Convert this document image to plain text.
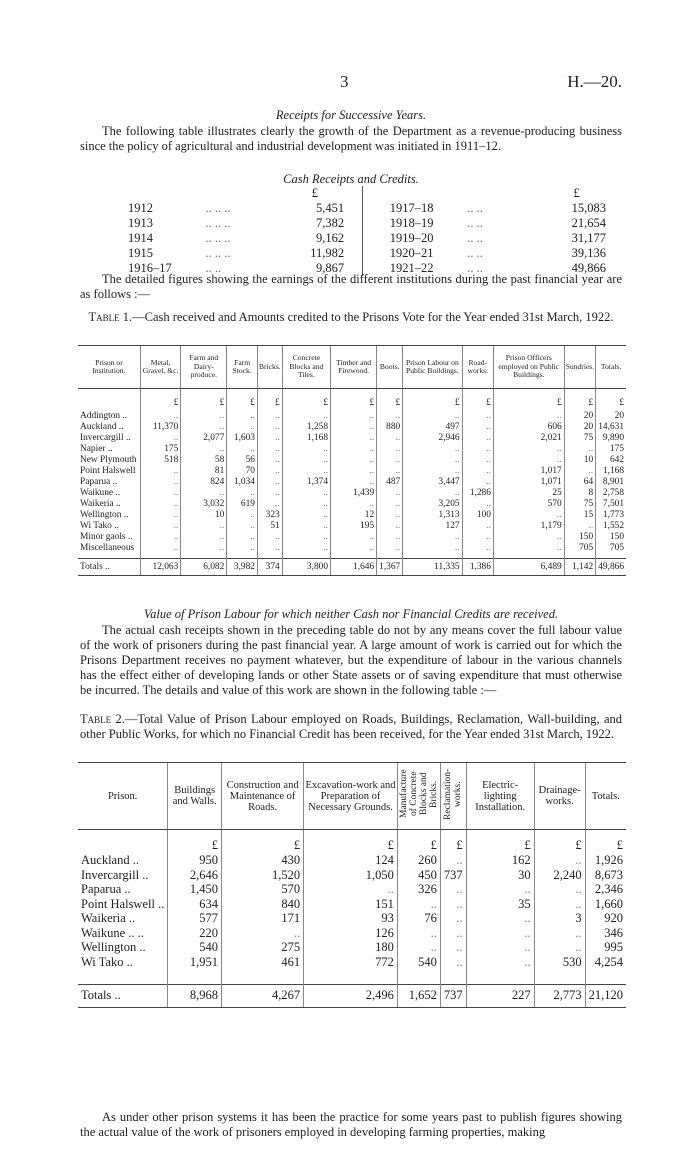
3	H.—20.
Receipts for Successive Years.
The following table illustrates clearly the growth of the Department as a revenue-producing business since the policy of agricultural and industrial development was initiated in 1911–12.
Cash Receipts and Credits.
		£				£
1912	.. .. ..	5,451		1917–18	.. ..	15,083
1913	.. .. ..	7,382		1918–19	.. ..	21,654
1914	.. .. ..	9,162		1919–20	.. ..	31,177
1915	.. .. ..	11,982		1920–21	.. ..	39,136
1916–17	.. ..	9,867		1921–22	.. ..	49,866
The detailed figures showing the earnings of the different institutions during the past financial year are as follows :—
Table 1.—Cash received and Amounts credited to the Prisons Vote for the Year ended 31st March, 1922.
Prison or Institution.	Metal, Gravel, &c.	Farm and Dairy-produce.	Farm Stock.	Bricks.	Concrete Blocks and Tiles.	Timber and Firewood.	Boots.	Prison Labour on Public Buildings.	Road-works.	Prison Officers employed on Public Buildings.	Sundries.	Totals.
	£	£	£	£	£	£	£	£	£	£	£	£
Addington ..	..	..	..	..	..	..	..	..	..	..	20	20
Auckland ..	11,370	..	..	..	1,258	..	880	497	..	606	20	14,631
Invercargill ..	..	2,077	1,603	..	1,168	..	..	2,946	..	2,021	75	9,890
Napier ..	175	..	..	..	..	..	..	..	..	..	..	175
New Plymouth	518	58	56	..	..	..	..	..	..	..	10	642
Point Halswell	..	81	70	..	..	..	..	..	..	1,017	..	1,168
Paparua ..	..	824	1,034	..	1,374	..	487	3,447	..	1,071	64	8,901
Waikune ..	..	..	..	..	..	1,439	..	..	1,286	25	8	2,758
Waikeria ..	..	3,032	619	..	..	..	..	3,205	..	570	75	7,501
Wellington ..	..	10	..	323	..	12	..	1,313	100	..	15	1,773
Wi Tako ..	..	..	..	51	..	195	..	127	..	1,179	..	1,552
Minor gaols ..	..	..	..	..	..	..	..	..	..	..	150	150
Miscellaneous	..	..	..	..	..	..	..	..	..	..	705	705

Totals ..	12,063	6,082	3,982	374	3,800	1,646	1,367	11,335	1,386	6,489	1,142	49,866
Value of Prison Labour for which neither Cash nor Financial Credits are received.
The actual cash receipts shown in the preceding table do not by any means cover the full labour value of the work of prisoners during the past financial year. A large amount of work is carried out for which the Prisons Department receives no payment whatever, but the expenditure of labour in the various channels has the effect either of developing lands or other State assets or of saving expenditure that must otherwise be incurred. The details and value of this work are shown in the following table :—
Table 2.—Total Value of Prison Labour employed on Roads, Buildings, Reclamation, Wall-building, and other Public Works, for which no Financial Credit has been received, for the Year ended 31st March, 1922.
Prison.	Buildings and Walls.	Construction and Maintenance of Roads.	Excavation-work and Preparation of Necessary Grounds.	Manufacture of Concrete Blocks and Bricks.	Reclamation-works.	Electric-lighting Installation.	Drainage-works.	Totals.
	£	£	£	£	£	£	£	£
Auckland ..	950	430	124	260	..	162	..	1,926
Invercargill ..	2,646	1,520	1,050	450	737	30	2,240	8,673
Paparua ..	1,450	570	..	326	..	..	..	2,346
Point Halswell ..	634	840	151	..	..	35	..	1,660
Waikeria ..	577	171	93	76	..	..	3	920
Waikune .. ..	220	..	126	..	..	..	..	346
Wellington ..	540	275	180	..	..	..	..	995
Wi Tako ..	1,951	461	772	540	..	..	530	4,254

Totals ..	8,968	4,267	2,496	1,652	737	227	2,773	21,120
As under other prison systems it has been the practice for some years past to publish figures showing the actual value of the work of prisoners employed in developing farming properties, making
